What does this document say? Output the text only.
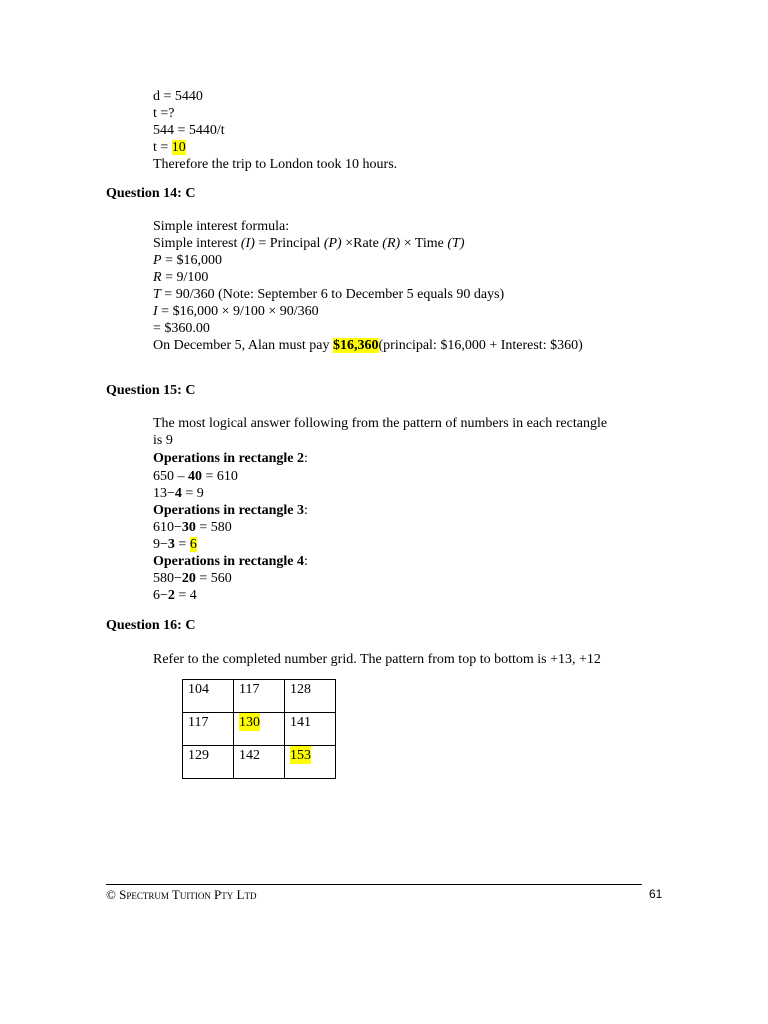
d = 5440
t =?
544 = 5440/t
t = 10
Therefore the trip to London took 10 hours.
Question 14: C
Simple interest formula:
Simple interest (I) = Principal (P) ×Rate (R) × Time (T)
P = $16,000
R = 9/100
T = 90/360 (Note: September 6 to December 5 equals 90 days)
I = $16,000 × 9/100 × 90/360
= $360.00
On December 5, Alan must pay $16,360(principal: $16,000 + Interest: $360)
Question 15: C
The most logical answer following from the pattern of numbers in each rectangle
is 9
Operations in rectangle 2:
650 – 40 = 610
13−4 = 9
Operations in rectangle 3:
610−30 = 580
9−3 = 6
Operations in rectangle 4:
580−20 = 560
6−2 = 4
Question 16: C
Refer to the completed number grid. The pattern from top to bottom is +13, +12
104	117	128
117	130	141
129	142	153
© Spectrum Tuition Pty Ltd	61
